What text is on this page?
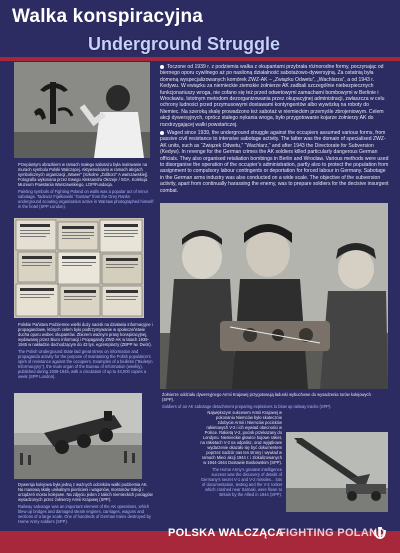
Walka konspiracyjna
Underground Struggle
Przeplantym obrazkiem w ramach małego sabotażu była malowanie na murach symbolu Polski Walczącej. Aktywnościami w ramach akcjach symbolicznych organizacji „Wawer” (Szkolne „Żoliborz” A warszawskiej). Fotografia wykonana przez Ewego Aleksandra Okrzeje / SGA. Kolekcja Muzeum Powstania Warszawskiego, LOP/Fundacja.
Painting symbols of Fighting Poland on walls was a popular act of minor sabotage. Tadeusz Fijalkowski “Gustaw” from the Grey Ranks underground scouting organisation active in Warsaw photographed himself in the hotel (SPP London).
Toczone od 1939 r. z podziemia walka z okupantami przybrała różnorodne formy, poczynając od biernego oporu cywilnego aż po nasiloną działalność sabotażowo-dywersyjną. Za ostatnią była domeną wyspecjalizowanych komórek ZWZ-AK – „Związku Odwetu”, „Wachlarza”, a od 1943 r. Kedywu. W ewiązku za niemieckie ziemskie żołnierze AK zadbali szczególnie niebezpiecznych funkcjonariuszy wroga, nie cofano się też przed odwetowymi zamachami bombowymi w Berlinie i Wrocławiu. Istotnym metodom dezorganizowania przez okupacyjnej administracji, zwłaszcza w celu ochrony ludności przed przymusowymi dostawami kontyngentów albo wywózką na roboty do Niemiec. Na szeroką skalę prowadzono też sabotaż w niemieckim przemyśle zbrojeniowym. Celem akcji dywersyjnych, oprócz stałego nękania wroga, było przygotowanie kojarze żołnierzy AK do rozstrzygającej walki powstańczej.
Waged since 1939, the underground struggle against the occupiers assumed various forms, from passive civil resistance to intensive sabotage activity. The latter was the domain of specialised ZWZ-AK units, such as “Związek Odwetu,” “Wachlarz,” and after 1943 the Directorate for Subversion (Kedyw). In revenge for the German crimes the AK soldiers killed particularly dangerous German officials. They also organised retaliation bombings in Berlin and Wrocław. Various methods were used to disorganise the operation of the occupier’s administration, partly also to protect the population from assignment to compulsory labour contingents or deportation for forced labour in Germany. Sabotage in the German arms industry was also conducted on a wide scale. The objective of the subversion activity, apart from continually harassing the enemy, was to prepare soldiers for the decisive insurgent combat.
Polskie Państwo Podziemne wielki duży nacisk na działania informacyjne i propagandowe, których celem było podtrzymywanie w społeczeństwie ducha oporu wobec okupantów. Zbiorem ważnym prasy konspiracyjnej, wydawanej przez Biuro Informacji i Propagandy ZWZ-AK w latach 1939-1945 w nakładzie dochodzącym do 43 tys. egzemplarzy (ZBPP Iw. Dwór).
The Polish Underground State laid great stress on information and propaganda activity for the purpose of maintaining the Polish population’s spirit of resistance against the occupiers. Examples of a biulletin (“Biuletyn Informacyjny”), the main organ of the Bureau of Information (weekly), published during 1939-1945, with a circulation of up to 43,000 copies a week (SPP London).
Żołnierze oddziału dywersyjnego Armii Krajowej przygotowują ładunki wybuchowe do wysadzenia torów kolejowych (SPP).
Soldiers of an AK sabotage detachment preparing explosives to blow up railway tracks (SPP).
Dywersja kolejowa była jedną z ważnych odcinków walki podziemia AK. Na masową skalę unikalnym pierścieni i wagonów, mostonów trakcji i urządzeń mostu kolejowe. Na zdjęciu jeden z takich niemieckich pociągów wysadzonych przez żołnierzy Armii Krajowej (SPP).
Railway sabotage was an important element of the AK operations, which blew up bridges and damaged steam engines, carriages, wagons and sections of a large scale. One of hundreds of German trains destroyed by Home Army soldiers (SPP).
Największym sukcesem Armii Krajowej w pokonaniu Niemców było skutecznie zdobycie Armii i Niemców pocisków rakietowych V-2 i ich wywiad obecności w Polsce. Rakietą V-2, pocisk przekazany do Londynu. Niemieckie głowice bojowe rakiet, na rakietach V-2 na odpalisz, oraz wyjątkowe wydarzenie okazało się być dokumentem poprzez nadzór nas ten strony i wywiad w ramach Mieci akcji 1944 r. i zlokalizowanych w 1944-1944 Dostawie Buskowskim (SPP).
The Home Army’s greatest intelligence success was the discovery of details of Germany’s secret V-1 and V-2 missiles... lots of documentation, testing and the V-2 rocket which crashed near Sarnaki, were flown to Britain by the Allied in 1944 (SPP).
POLSKA WALCZĄCA
FIGHTING POLAND
